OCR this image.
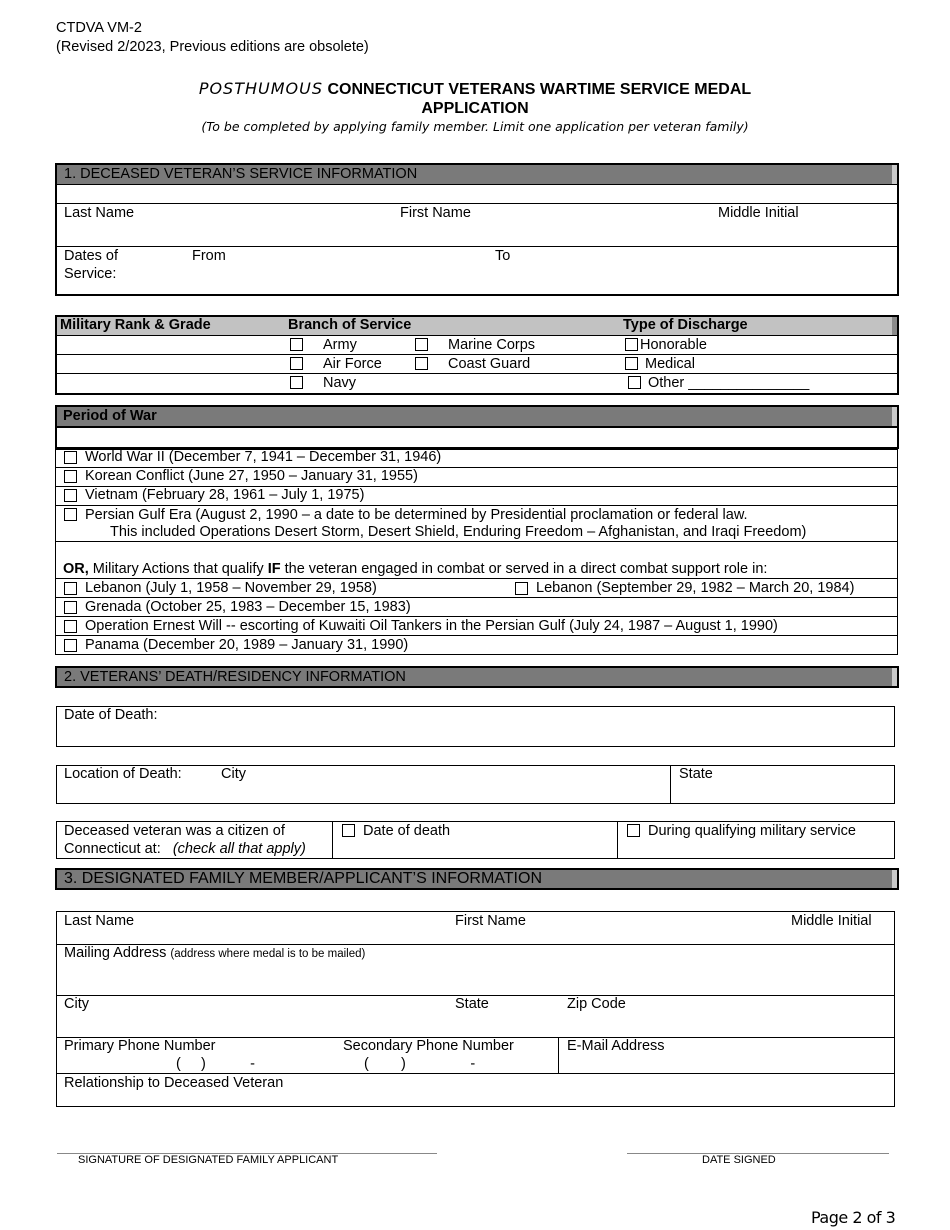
CTDVA VM-2
(Revised 2/2023, Previous editions are obsolete)
POSTHUMOUS CONNECTICUT VETERANS WARTIME SERVICE MEDAL
APPLICATION
(To be completed by applying family member. Limit one application per veteran family)
1. DECEASED VETERAN’S SERVICE INFORMATION
Last Name	First Name	Middle Initial
Dates of
Service:
From	To
Military Rank & Grade	Branch of Service	Type of Discharge
Army	Marine Corps	Honorable
Air Force	Coast Guard	Medical
Navy	Other _______________
Period of War
World War II (December 7, 1941 – December 31, 1946)
Korean Conflict (June 27, 1950 – January 31, 1955)
Vietnam (February 28, 1961 – July 1, 1975)
Persian Gulf Era (August 2, 1990 – a date to be determined by Presidential proclamation or federal law.
This included Operations Desert Storm, Desert Shield, Enduring Freedom – Afghanistan, and Iraqi Freedom)
OR, Military Actions that qualify IF the veteran engaged in combat or served in a direct combat support role in:
Lebanon (July 1, 1958 – November 29, 1958)	Lebanon (September 29, 1982 – March 20, 1984)
Grenada (October 25, 1983 – December 15, 1983)
Operation Ernest Will -- escorting of Kuwaiti Oil Tankers in the Persian Gulf (July 24, 1987 – August 1, 1990)
Panama (December 20, 1989 – January 31, 1990)
2. VETERANS’ DEATH/RESIDENCY INFORMATION
Date of Death:
Location of Death:	City	State
Deceased veteran was a citizen of
Connecticut at: (check all that apply)
Date of death	During qualifying military service
3. DESIGNATED FAMILY MEMBER/APPLICANT’S INFORMATION
Last Name	First Name	Middle Initial
Mailing Address (address where medal is to be mailed)
City	State	Zip Code
Primary Phone Number
(     )           -
Secondary Phone Number
(        )                -
E-Mail Address
Relationship to Deceased Veteran
SIGNATURE OF DESIGNATED FAMILY APPLICANT	DATE SIGNED
Page 2 of 3
